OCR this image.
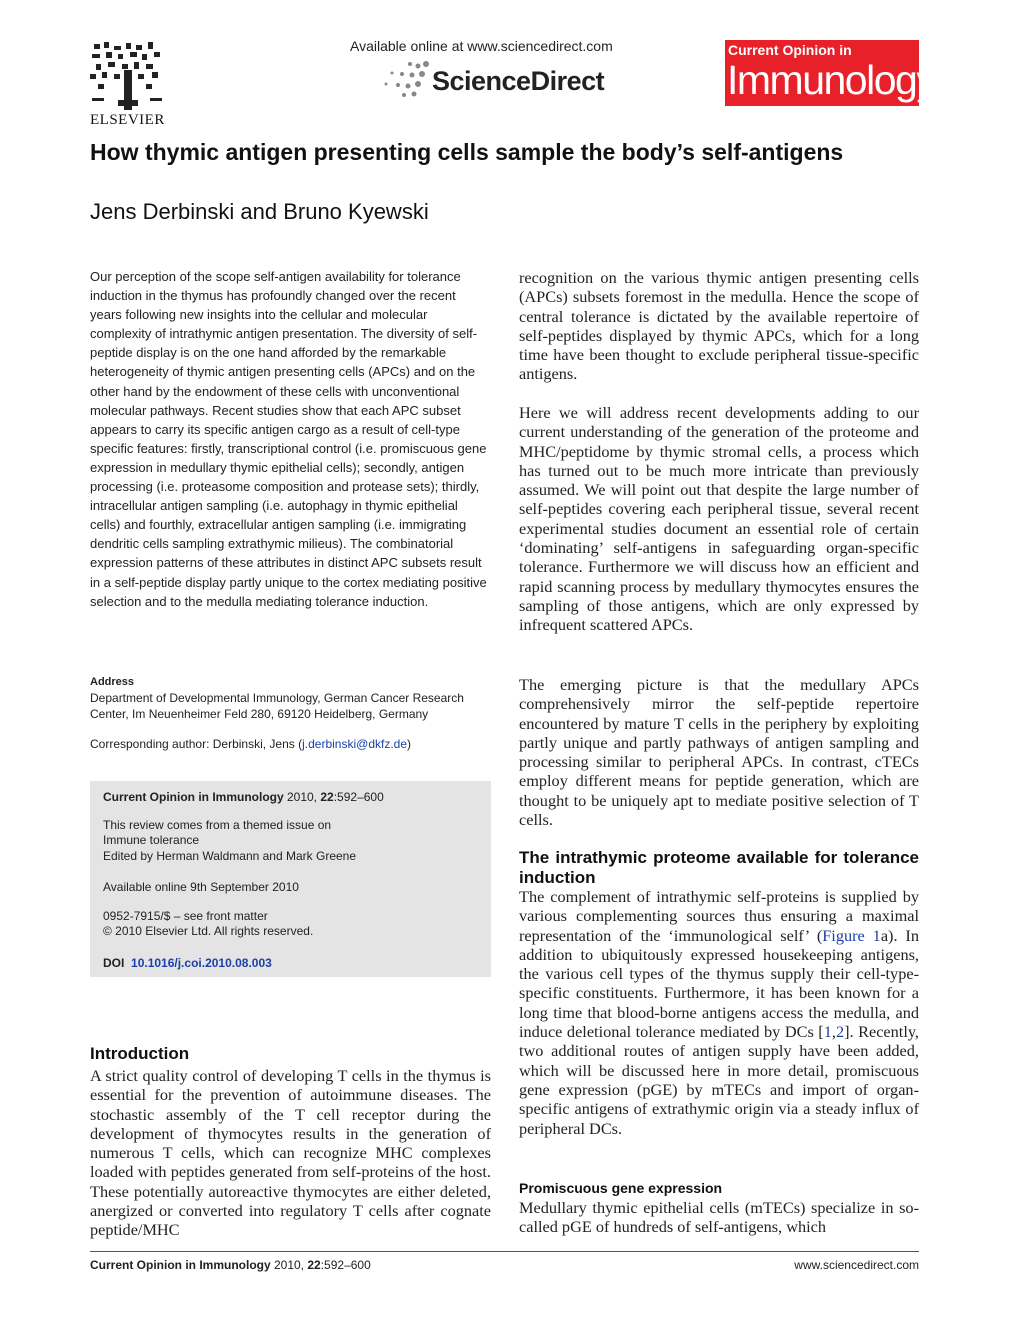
ELSEVIER
Available online at www.sciencedirect.com
ScienceDirect
Current Opinion in
Immunology
How thymic antigen presenting cells sample the body’s self-antigens
Jens Derbinski and Bruno Kyewski
Our perception of the scope self-antigen availability for tolerance induction in the thymus has profoundly changed over the recent years following new insights into the cellular and molecular complexity of intrathymic antigen presentation. The diversity of self-peptide display is on the one hand afforded by the remarkable heterogeneity of thymic antigen presenting cells (APCs) and on the other hand by the endowment of these cells with unconventional molecular pathways. Recent studies show that each APC subset appears to carry its specific antigen cargo as a result of cell-type specific features: firstly, transcriptional control (i.e. promiscuous gene expression in medullary thymic epithelial cells); secondly, antigen processing (i.e. proteasome composition and protease sets); thirdly, intracellular antigen sampling (i.e. autophagy in thymic epithelial cells) and fourthly, extracellular antigen sampling (i.e. immigrating dendritic cells sampling extrathymic milieus). The combinatorial expression patterns of these attributes in distinct APC subsets result in a self-peptide display partly unique to the cortex mediating positive selection and to the medulla mediating tolerance induction.
Address
Department of Developmental Immunology, German Cancer Research Center, Im Neuenheimer Feld 280, 69120 Heidelberg, Germany
Corresponding author: Derbinski, Jens (j.derbinski@dkfz.de)
Current Opinion in Immunology 2010, 22:592–600
This review comes from a themed issue on
Immune tolerance
Edited by Herman Waldmann and Mark Greene
Available online 9th September 2010
0952-7915/$ – see front matter
© 2010 Elsevier Ltd. All rights reserved.
DOI 10.1016/j.coi.2010.08.003
Introduction
A strict quality control of developing T cells in the thymus is essential for the prevention of autoimmune diseases. The stochastic assembly of the T cell receptor during the development of thymocytes results in the generation of numerous T cells, which can recognize MHC complexes loaded with peptides generated from self-proteins of the host. These potentially autoreactive thymocytes are either deleted, anergized or converted into regulatory T cells after cognate peptide/MHC
recognition on the various thymic antigen presenting cells (APCs) subsets foremost in the medulla. Hence the scope of central tolerance is dictated by the available repertoire of self-peptides displayed by thymic APCs, which for a long time have been thought to exclude peripheral tissue-specific antigens.
Here we will address recent developments adding to our current understanding of the generation of the proteome and MHC/peptidome by thymic stromal cells, a process which has turned out to be much more intricate than previously assumed. We will point out that despite the large number of self-peptides covering each peripheral tissue, several recent experimental studies document an essential role of certain ‘dominating’ self-antigens in safeguarding organ-specific tolerance. Furthermore we will discuss how an efficient and rapid scanning process by medullary thymocytes ensures the sampling of those antigens, which are only expressed by infrequent scattered APCs.
The emerging picture is that the medullary APCs comprehensively mirror the self-peptide repertoire encountered by mature T cells in the periphery by exploiting partly unique and partly pathways of antigen sampling and processing similar to peripheral APCs. In contrast, cTECs employ different means for peptide generation, which are thought to be uniquely apt to mediate positive selection of T cells.
The intrathymic proteome available for tolerance induction
The complement of intrathymic self-proteins is supplied by various complementing sources thus ensuring a maximal representation of the ‘immunological self’ (Figure 1a). In addition to ubiquitously expressed housekeeping antigens, the various cell types of the thymus supply their cell-type-specific constituents. Furthermore, it has been known for a long time that blood-borne antigens access the medulla, and induce deletional tolerance mediated by DCs [1,2]. Recently, two additional routes of antigen supply have been added, which will be discussed here in more detail, promiscuous gene expression (pGE) by mTECs and import of organ-specific antigens of extrathymic origin via a steady influx of peripheral DCs.
Promiscuous gene expression
Medullary thymic epithelial cells (mTECs) specialize in so-called pGE of hundreds of self-antigens, which
Current Opinion in Immunology 2010, 22:592–600	www.sciencedirect.com
